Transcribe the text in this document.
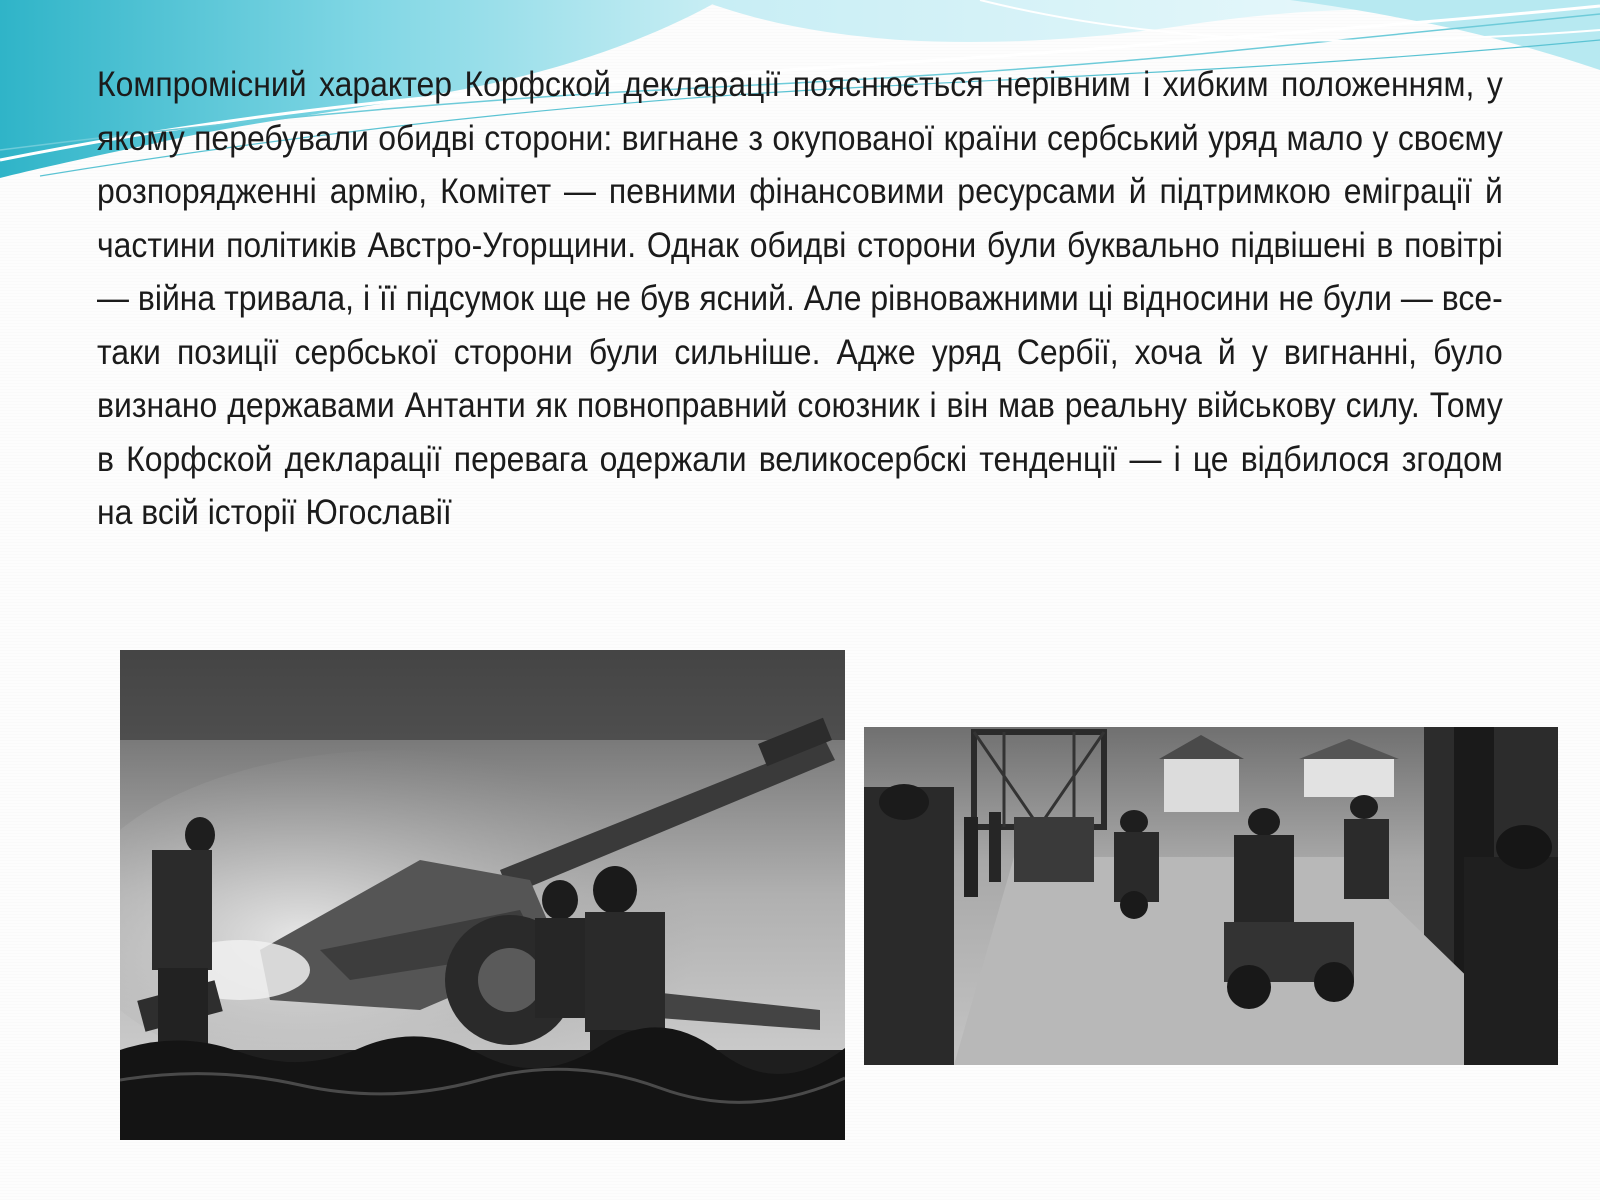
Компромісний характер Корфской декларації пояснюється нерівним і хибким положенням, у якому перебували обидві сторони: вигнане з окупованої країни сербський уряд мало у своєму розпорядженні армію, Комітет — певними фінансовими ресурсами й підтримкою еміграції й частини політиків Австро-Угорщини. Однак обидві сторони були буквально підвішені в повітрі — війна тривала, і її підсумок ще не був ясний. Але рівноважними ці відносини не були — все-таки позиції сербської сторони були сильніше. Адже уряд Сербії, хоча й у вигнанні, було визнано державами Антанти як повноправний союзник і він мав реальну військову силу. Тому в Корфской декларації перевага одержали великосербскі тенденції — і це відбилося згодом на всій історії Югославії
